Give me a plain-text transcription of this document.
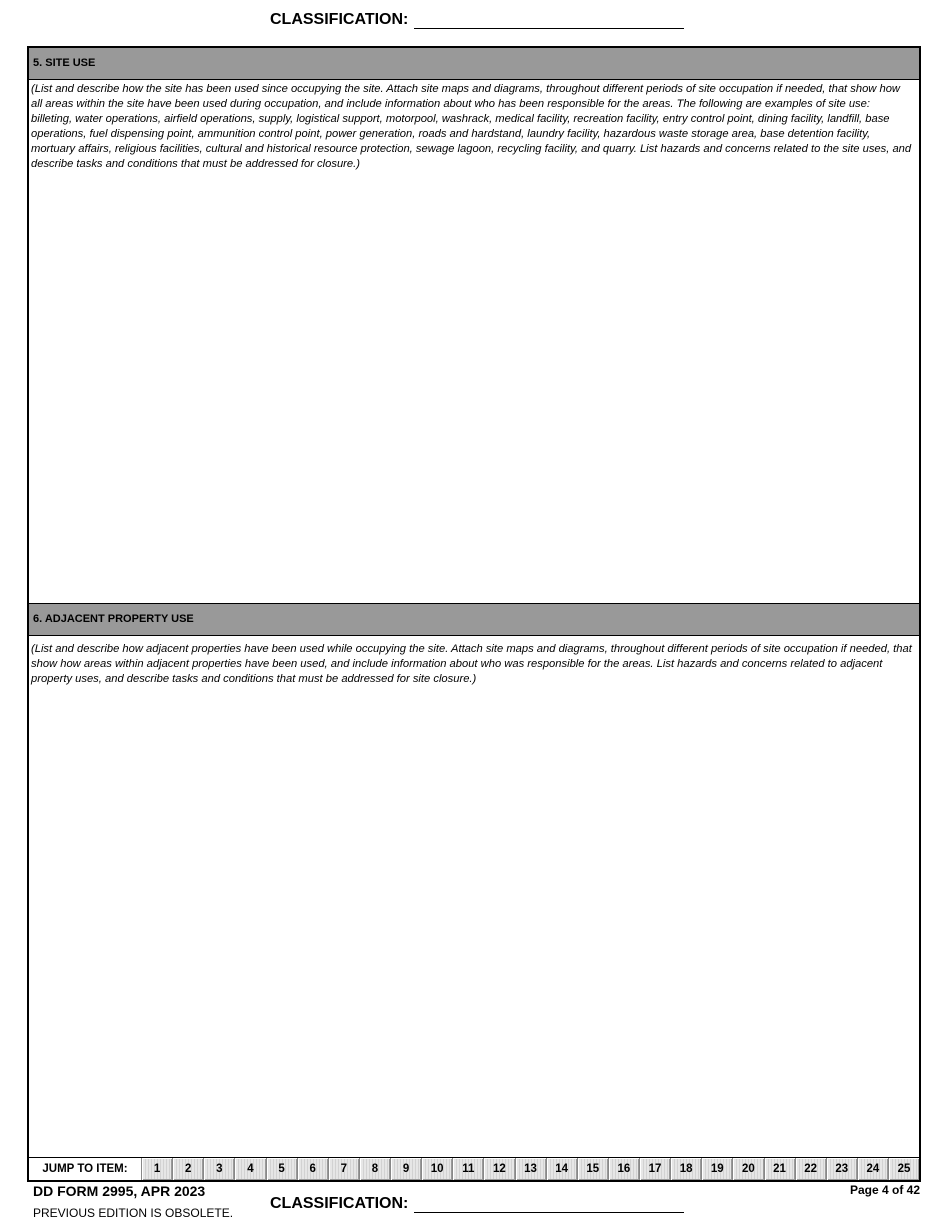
CLASSIFICATION:
5. SITE USE
(List and describe how the site has been used since occupying the site. Attach site maps and diagrams, throughout different periods of site occupation if needed, that show how all areas within the site have been used during occupation, and include information about who has been responsible for the areas. The following are examples of site use: billeting, water operations, airfield operations, supply, logistical support, motorpool, washrack, medical facility, recreation facility, entry control point, dining facility, landfill, base operations, fuel dispensing point, ammunition control point, power generation, roads and hardstand, laundry facility, hazardous waste storage area, base detention facility, mortuary affairs, religious facilities, cultural and historical resource protection, sewage lagoon, recycling facility, and quarry. List hazards and concerns related to the site uses, and describe tasks and conditions that must be addressed for closure.)
6. ADJACENT PROPERTY USE
(List and describe how adjacent properties have been used while occupying the site. Attach site maps and diagrams, throughout different periods of site occupation if needed, that show how areas within adjacent properties have been used, and include information about who was responsible for the areas. List hazards and concerns related to adjacent property uses, and describe tasks and conditions that must be addressed for site closure.)
JUMP TO ITEM:	1	2	3	4	5	6	7	8	9	10	11	12	13	14	15	16	17	18	19	20	21	22	23	24	25
DD FORM 2995, APR 2023
PREVIOUS EDITION IS OBSOLETE.
Page 4 of 42
CLASSIFICATION:
